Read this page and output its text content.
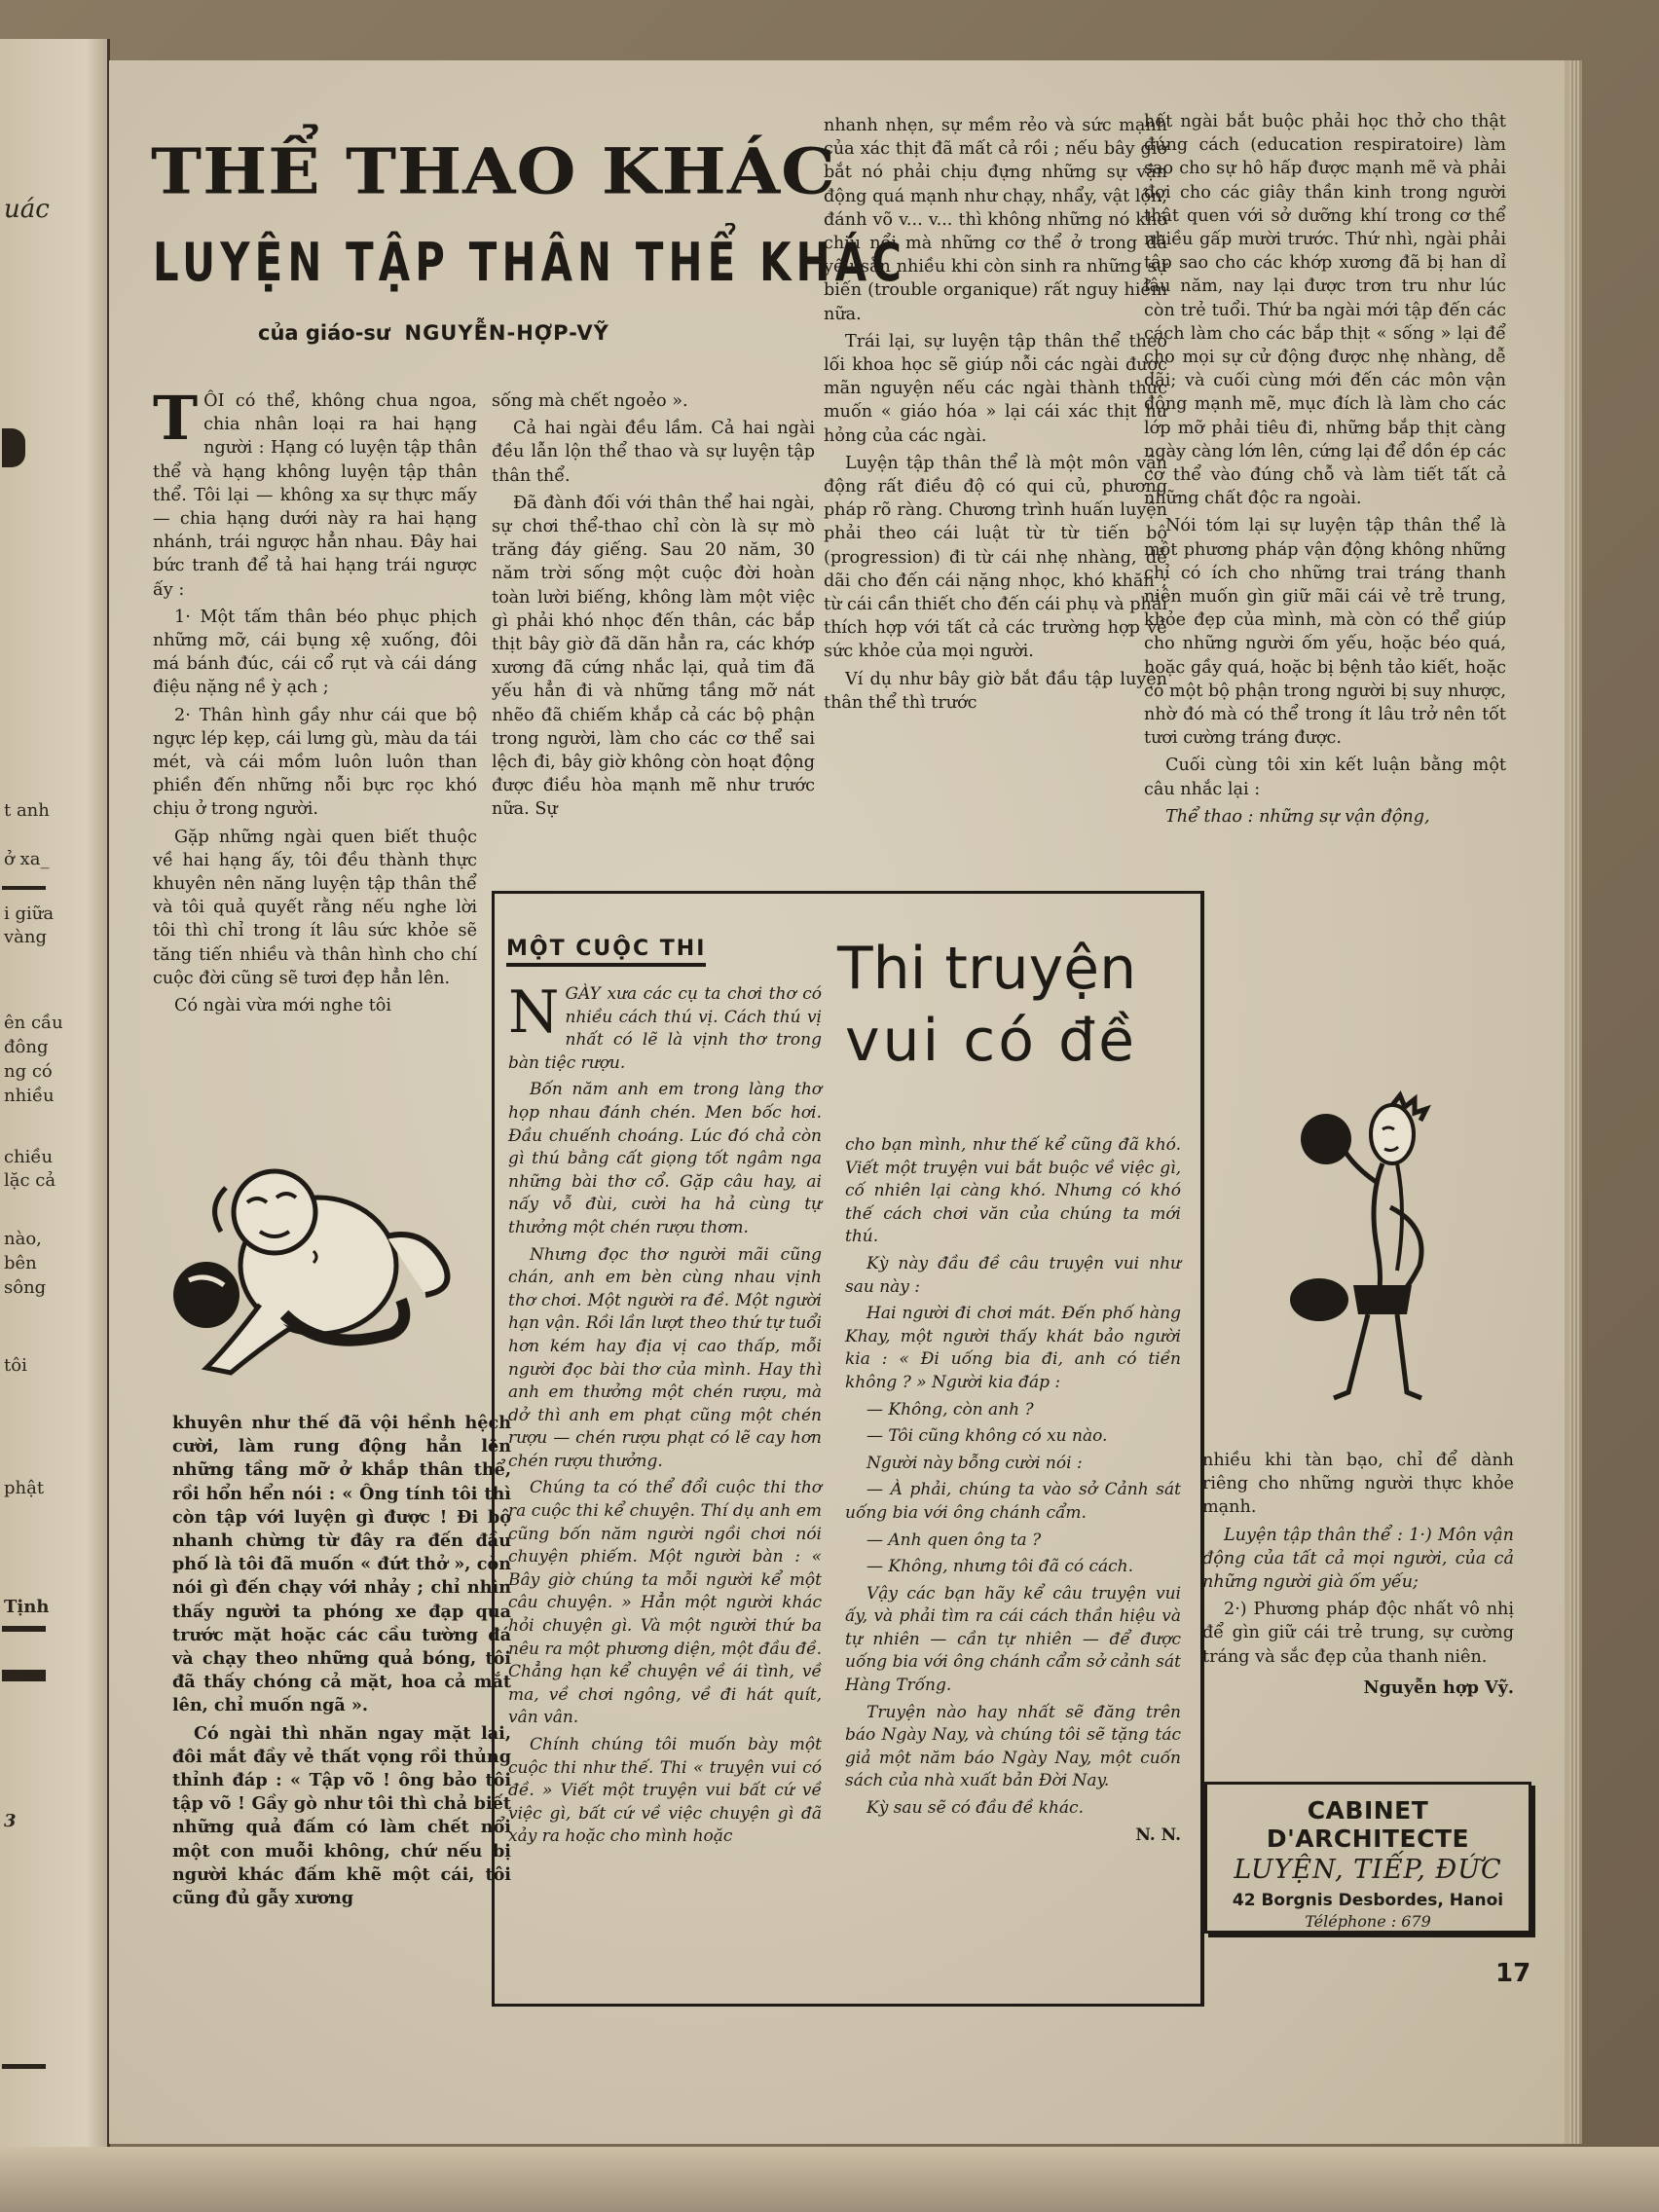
uác
t anh
ở xa_
i giữa
vàng
ên cầu
đông
ng có
nhiều
chiều
lặc cả
nào,
bên
sông
tôi
phật
Tịnh
3
THỂ THAO KHÁC
LUYỆN TẬP THÂN THỂ KHÁC
của giáo-sư NGUYỄN-HỢP-VỸ

TÔI có thể, không chua ngoa, chia nhân loại ra hai hạng người : Hạng có luyện tập thân thể và hạng không luyện tập thân thể. Tôi lại — không xa sự thực mấy — chia hạng dưới này ra hai hạng nhánh, trái ngược hẳn nhau. Đây hai bức tranh để tả hai hạng trái ngược ấy :

1· Một tấm thân béo phục phịch những mỡ, cái bụng xệ xuống, đôi má bánh đúc, cái cổ rụt và cái dáng điệu nặng nề ỳ ạch ;

2· Thân hình gầy như cái que bộ ngực lép kẹp, cái lưng gù, màu da tái mét, và cái mồm luôn luôn than phiền đến những nỗi bực rọc khó chịu ở trong người.

Gặp những ngài quen biết thuộc về hai hạng ấy, tôi đều thành thực khuyên nên năng luyện tập thân thể và tôi quả quyết rằng nếu nghe lời tôi thì chỉ trong ít lâu sức khỏe sẽ tăng tiến nhiều và thân hình cho chí cuộc đời cũng sẽ tươi đẹp hẳn lên.

Có ngài vừa mới nghe tôi

khuyên như thế đã vội hềnh hệch cười, làm rung động hẳn lên những tầng mỡ ở khắp thân thể, rồi hổn hển nói : « Ông tính tôi thì còn tập với luyện gì được ! Đi bộ nhanh chừng từ đây ra đến đầu phố là tôi đã muốn « đứt thở », còn nói gì đến chạy với nhảy ; chỉ nhìn thấy người ta phóng xe đạp qua trước mặt hoặc các cầu tường đá và chạy theo những quả bóng, tôi đã thấy chóng cả mặt, hoa cả mắt lên, chỉ muốn ngã ».

Có ngài thì nhăn ngay mặt lại, đôi mắt đầy vẻ thất vọng rồi thủng thỉnh đáp : « Tập võ ! ông bảo tôi tập võ ! Gầy gò như tôi thì chả biết những quả đấm có làm chết nổi một con muỗi không, chứ nếu bị người khác đấm khẽ một cái, tôi cũng đủ gẫy xương

sống mà chết ngoẻo ».

Cả hai ngài đều lầm. Cả hai ngài đều lẫn lộn thể thao và sự luyện tập thân thể.

Đã đành đối với thân thể hai ngài, sự chơi thể-thao chỉ còn là sự mò trăng đáy giếng. Sau 20 năm, 30 năm trời sống một cuộc đời hoàn toàn lười biếng, không làm một việc gì phải khó nhọc đến thân, các bắp thịt bây giờ đã dãn hẳn ra, các khớp xương đã cứng nhắc lại, quả tim đã yếu hẳn đi và những tầng mỡ nát nhẽo đã chiếm khắp cả các bộ phận trong người, làm cho các cơ thể sai lệch đi, bây giờ không còn hoạt động được điều hòa mạnh mẽ như trước nữa. Sự

nhanh nhẹn, sự mềm rẻo và sức mạnh của xác thịt đã mất cả rồi ; nếu bây giờ bắt nó phải chịu đựng những sự vận động quá mạnh như chạy, nhẩy, vật lộn, đánh võ v... v... thì không những nó khó chịu nổi mà những cơ thể ở trong đã yếu sẵn nhiều khi còn sinh ra những sự biến (trouble organique) rất nguy hiểm nữa.

Trái lại, sự luyện tập thân thể theo lối khoa học sẽ giúp nỗi các ngài được mãn nguyện nếu các ngài thành thực muốn « giáo hóa » lại cái xác thịt hư hỏng của các ngài.

Luyện tập thân thể là một môn vận động rất điều độ có qui củ, phương pháp rõ ràng. Chương trình huấn luyện phải theo cái luật từ từ tiến bộ (progression) đi từ cái nhẹ nhàng, dễ dãi cho đến cái nặng nhọc, khó khăn ; từ cái cần thiết cho đến cái phụ và phải thích hợp với tất cả các trường hợp về sức khỏe của mọi người.

Ví dụ như bây giờ bắt đầu tập luyện thân thể thì trước

hết ngài bắt buộc phải học thở cho thật đúng cách (education respiratoire) làm sao cho sự hô hấp được mạnh mẽ và phải đợi cho các giây thần kinh trong người thật quen với sở dưỡng khí trong cơ thể nhiều gấp mười trước. Thứ nhì, ngài phải tập sao cho các khớp xương đã bị han dỉ lâu năm, nay lại được trơn tru như lúc còn trẻ tuổi. Thứ ba ngài mới tập đến các cách làm cho các bắp thịt « sống » lại để cho mọi sự cử động được nhẹ nhàng, dễ dãi; và cuối cùng mới đến các môn vận động mạnh mẽ, mục đích là làm cho các lớp mỡ phải tiêu đi, những bắp thịt càng ngày càng lớn lên, cứng lại để dồn ép các cơ thể vào đúng chỗ và làm tiết tất cả những chất độc ra ngoài.

Nói tóm lại sự luyện tập thân thể là một phương pháp vận động không những chỉ có ích cho những trai tráng thanh niên muốn gìn giữ mãi cái vẻ trẻ trung, khỏe đẹp của mình, mà còn có thể giúp cho những người ốm yếu, hoặc béo quá, hoặc gầy quá, hoặc bị bệnh tảo kiết, hoặc có một bộ phận trong người bị suy nhược, nhờ đó mà có thể trong ít lâu trở nên tốt tươi cường tráng được.

Cuối cùng tôi xin kết luận bằng một câu nhắc lại :

Thể thao : những sự vận động,

nhiều khi tàn bạo, chỉ để dành riêng cho những người thực khỏe mạnh.

Luyện tập thân thể : 1·) Môn vận động của tất cả mọi người, của cả những người già ốm yếu;

2·) Phương pháp độc nhất vô nhị để gìn giữ cái trẻ trung, sự cường tráng và sắc đẹp của thanh niên.

Nguyễn hợp Vỹ.

MỘT CUỘC THI Thi truyện
vui có đề

NGÀY xưa các cụ ta chơi thơ có nhiều cách thú vị. Cách thú vị nhất có lẽ là vịnh thơ trong bàn tiệc rượu.

Bốn năm anh em trong làng thơ họp nhau đánh chén. Men bốc hơi. Đầu chuếnh choáng. Lúc đó chả còn gì thú bằng cất giọng tốt ngâm nga những bài thơ cổ. Gặp câu hay, ai nấy vỗ đùi, cười ha hả cùng tự thưởng một chén rượu thơm.

Nhưng đọc thơ người mãi cũng chán, anh em bèn cùng nhau vịnh thơ chơi. Một người ra đề. Một người hạn vận. Rồi lần lượt theo thứ tự tuổi hơn kém hay địa vị cao thấp, mỗi người đọc bài thơ của mình. Hay thì anh em thưởng một chén rượu, mà dở thì anh em phạt cũng một chén rượu — chén rượu phạt có lẽ cay hơn chén rượu thưởng.

Chúng ta có thể đổi cuộc thi thơ ra cuộc thi kể chuyện. Thí dụ anh em cũng bốn năm người ngồi chơi nói chuyện phiếm. Một người bàn : « Bây giờ chúng ta mỗi người kể một câu chuyện. » Hẳn một người khác hỏi chuyện gì. Và một người thứ ba nêu ra một phương diện, một đầu đề. Chẳng hạn kể chuyện về ái tình, về ma, về chơi ngông, về đi hát quít, vân vân.

Chính chúng tôi muốn bày một cuộc thi như thế. Thi « truyện vui có đề. » Viết một truyện vui bất cứ về việc gì, bất cứ về việc chuyện gì đã xảy ra hoặc cho mình hoặc

cho bạn mình, như thế kể cũng đã khó. Viết một truyện vui bắt buộc về việc gì, cố nhiên lại càng khó. Nhưng có khó thế cách chơi văn của chúng ta mới thú.

Kỳ này đầu đề câu truyện vui như sau này :

Hai người đi chơi mát. Đến phố hàng Khay, một người thấy khát bảo người kia : « Đi uống bia đi, anh có tiền không ? » Người kia đáp :

— Không, còn anh ?

— Tôi cũng không có xu nào.

Người này bỗng cười nói :

— À phải, chúng ta vào sở Cảnh sát uống bia với ông chánh cẩm.

— Anh quen ông ta ?

— Không, nhưng tôi đã có cách.

Vậy các bạn hãy kể câu truyện vui ấy, và phải tìm ra cái cách thần hiệu và tự nhiên — cần tự nhiên — để được uống bia với ông chánh cẩm sở cảnh sát Hàng Trống.

Truyện nào hay nhất sẽ đăng trên báo Ngày Nay, và chúng tôi sẽ tặng tác giả một năm báo Ngày Nay, một cuốn sách của nhà xuất bản Đời Nay.

Kỳ sau sẽ có đầu đề khác.

N. N.

CABINET D'ARCHITECTE
LUYỆN, TIẾP, ĐỨC
42 Borgnis Desbordes, Hanoi
Téléphone : 679
17
